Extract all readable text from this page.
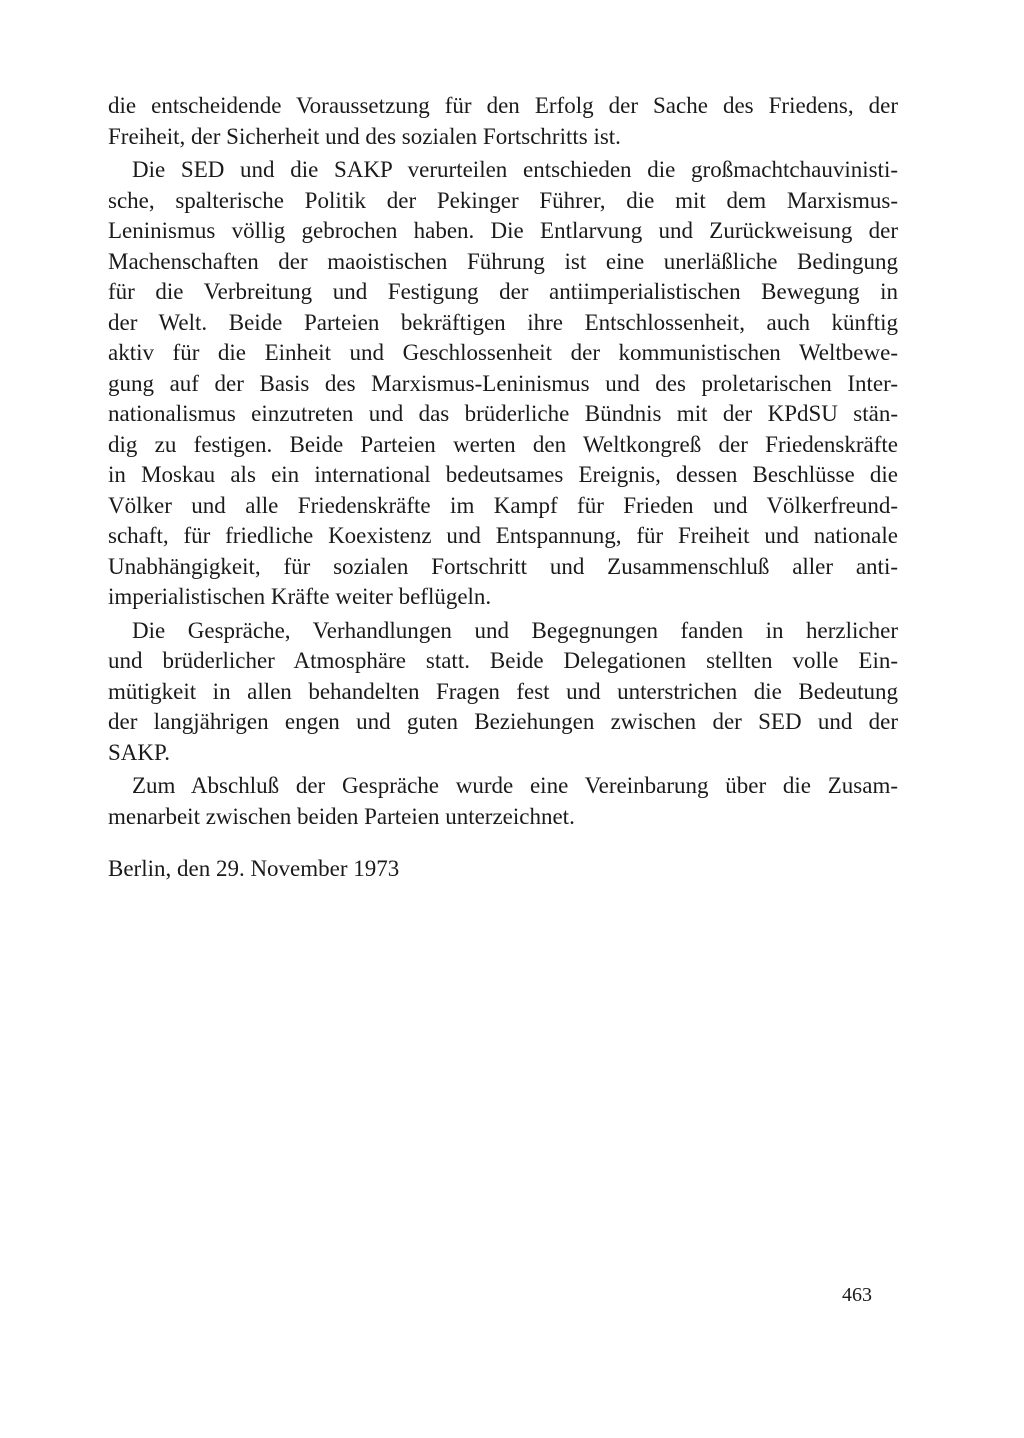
die entscheidende Voraussetzung für den Erfolg der Sache des Friedens, der
Freiheit, der Sicherheit und des sozialen Fortschritts ist.
Die SED und die SAKP verurteilen entschieden die großmachtchauvinisti-
sche, spalterische Politik der Pekinger Führer, die mit dem Marxismus-
Leninismus völlig gebrochen haben. Die Entlarvung und Zurückweisung der
Machenschaften der maoistischen Führung ist eine unerläßliche Bedingung
für die Verbreitung und Festigung der antiimperialistischen Bewegung in
der Welt. Beide Parteien bekräftigen ihre Entschlossenheit, auch künftig
aktiv für die Einheit und Geschlossenheit der kommunistischen Weltbewe-
gung auf der Basis des Marxismus-Leninismus und des proletarischen Inter-
nationalismus einzutreten und das brüderliche Bündnis mit der KPdSU stän-
dig zu festigen. Beide Parteien werten den Weltkongreß der Friedenskräfte
in Moskau als ein international bedeutsames Ereignis, dessen Beschlüsse die
Völker und alle Friedenskräfte im Kampf für Frieden und Völkerfreund-
schaft, für friedliche Koexistenz und Entspannung, für Freiheit und nationale
Unabhängigkeit, für sozialen Fortschritt und Zusammenschluß aller anti-
imperialistischen Kräfte weiter beflügeln.
Die Gespräche, Verhandlungen und Begegnungen fanden in herzlicher
und brüderlicher Atmosphäre statt. Beide Delegationen stellten volle Ein-
mütigkeit in allen behandelten Fragen fest und unterstrichen die Bedeutung
der langjährigen engen und guten Beziehungen zwischen der SED und der
SAKP.
Zum Abschluß der Gespräche wurde eine Vereinbarung über die Zusam-
menarbeit zwischen beiden Parteien unterzeichnet.
Berlin, den 29. November 1973
463
